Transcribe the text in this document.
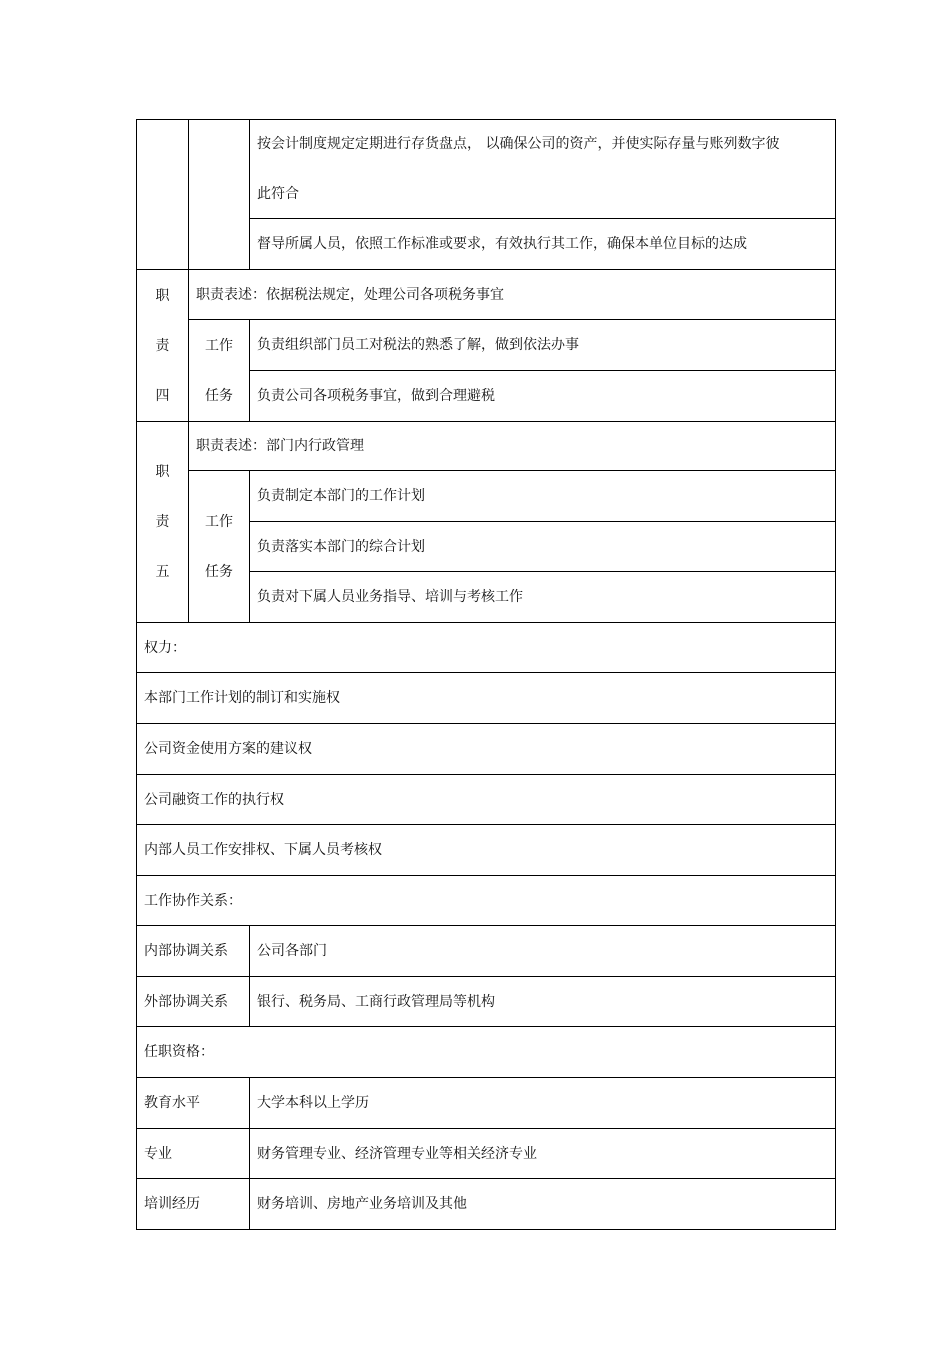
		按会计制度规定定期进行存货盘点， 以确保公司的资产，并使实际存量与账列数字彼
此符合

		督导所属人员，依照工作标准或要求，有效执行其工作，确保本单位目标的达成

职
责
四	职责表述：依据税法规定，处理公司各项税务事宜	

	工作
任务	负责组织部门员工对税法的熟悉了解，做到依法办事
		负责公司各项税务事宜，做到合理避税

职
责
五	职责表述：部门内行政管理	

	工作
任务	负责制定本部门的工作计划
		负责落实本部门的综合计划
		负责对下属人员业务指导、培训与考核工作
权力：		
本部门工作计划的制订和实施权		
公司资金使用方案的建议权		
公司融资工作的执行权		
内部人员工作安排权、下属人员考核权		
工作协作关系：		
内部协调关系		公司各部门
外部协调关系		银行、税务局、工商行政管理局等机构
任职资格：		
教育水平		大学本科以上学历
专业		财务管理专业、经济管理专业等相关经济专业
培训经历		财务培训、房地产业务培训及其他
